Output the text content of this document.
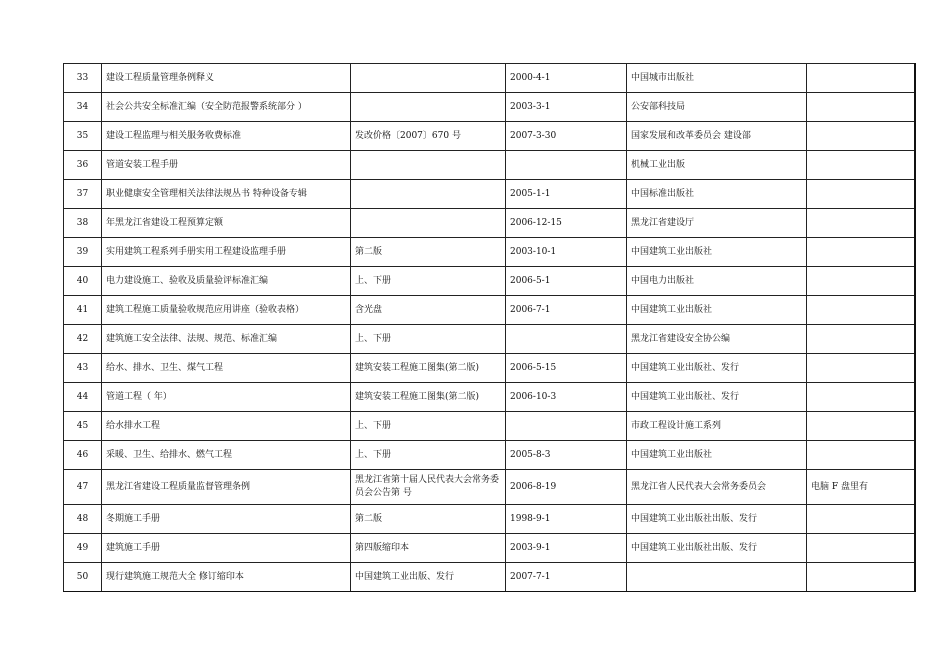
33	建设工程质量管理条例释义		2000-4-1	中国城市出版社	
34	社会公共安全标准汇编（安全防范报警系统部分 ）		2003-3-1	公安部科技局	
35	建设工程监理与相关服务收费标准	发改价格〔2007〕670 号	2007-3-30	国家发展和改革委员会 建设部	
36	管道安装工程手册			机械工业出版	
37	职业健康安全管理相关法律法规丛书 特种设备专辑		2005-1-1	中国标准出版社	
38	年黑龙江省建设工程预算定额		2006-12-15	黑龙江省建设厅	
39	实用建筑工程系列手册实用工程建设监理手册	第二版	2003-10-1	中国建筑工业出版社	
40	电力建设施工、验收及质量验评标准汇编	上、下册	2006-5-1	中国电力出版社	
41	建筑工程施工质量验收规范应用讲座（验收表格）	含光盘	2006-7-1	中国建筑工业出版社	
42	建筑施工安全法律、法规、规范、标准汇编	上、下册		黑龙江省建设安全协公编	
43	给水、排水、卫生、煤气工程	建筑安装工程施工图集(第二版)	2006-5-15	中国建筑工业出版社、发行	
44	管道工程（ 年）	建筑安装工程施工图集(第二版)	2006-10-3	中国建筑工业出版社、发行	
45	给水排水工程	上、下册		市政工程设计施工系列	
46	采暖、卫生、给排水、燃气工程	上、下册	2005-8-3	中国建筑工业出版社	
47	黑龙江省建设工程质量监督管理条例	黑龙江省第十届人民代表大会常务委员会公告第 号	2006-8-19	黑龙江省人民代表大会常务委员会	电脑 F 盘里有
48	冬期施工手册	第二版	1998-9-1	中国建筑工业出版社出版、发行	
49	建筑施工手册	第四版缩印本	2003-9-1	中国建筑工业出版社出版、发行	
50	现行建筑施工规范大全 修订缩印本	中国建筑工业出版、发行	2007-7-1		
